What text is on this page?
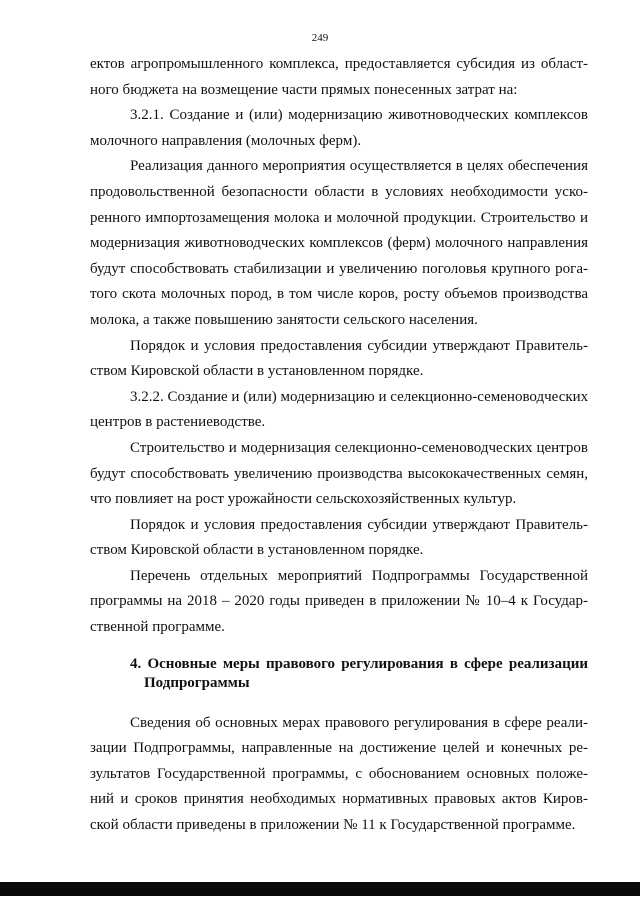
249

ектов агропромышленного комплекса, предоставляется субсидия из област-
ного бюджета на возмещение части прямых понесенных затрат на:

3.2.1. Создание и (или) модернизацию животноводческих комплексов
молочного направления (молочных ферм).

Реализация данного мероприятия осуществляется в целях обеспечения
продовольственной безопасности области в условиях необходимости уско-
ренного импортозамещения молока и молочной продукции. Строительство и
модернизация животноводческих комплексов (ферм) молочного направления
будут способствовать стабилизации и увеличению поголовья крупного рога-
того скота молочных пород, в том числе коров, росту объемов производства
молока, а также повышению занятости сельского населения.

Порядок и условия предоставления субсидии утверждают Правитель-
ством Кировской области в установленном порядке.

3.2.2. Создание и (или) модернизацию и селекционно-семеноводческих
центров в растениеводстве.

Строительство и модернизация селекционно-семеноводческих центров
будут способствовать увеличению производства высококачественных семян,
что повлияет на рост урожайности сельскохозяйственных культур.

Порядок и условия предоставления субсидии утверждают Правитель-
ством Кировской области в установленном порядке.

Перечень отдельных мероприятий Подпрограммы Государственной
программы на 2018 – 2020 годы приведен в приложении № 10–4 к Государ-
ственной программе.

4. Основные меры правового регулирования в сфере реализации
Подпрограммы

Сведения об основных мерах правового регулирования в сфере реали-
зации Подпрограммы, направленные на достижение целей и конечных ре-
зультатов Государственной программы, с обоснованием основных положе-
ний и сроков принятия необходимых нормативных правовых актов Киров-
ской области приведены в приложении № 11 к Государственной программе.
